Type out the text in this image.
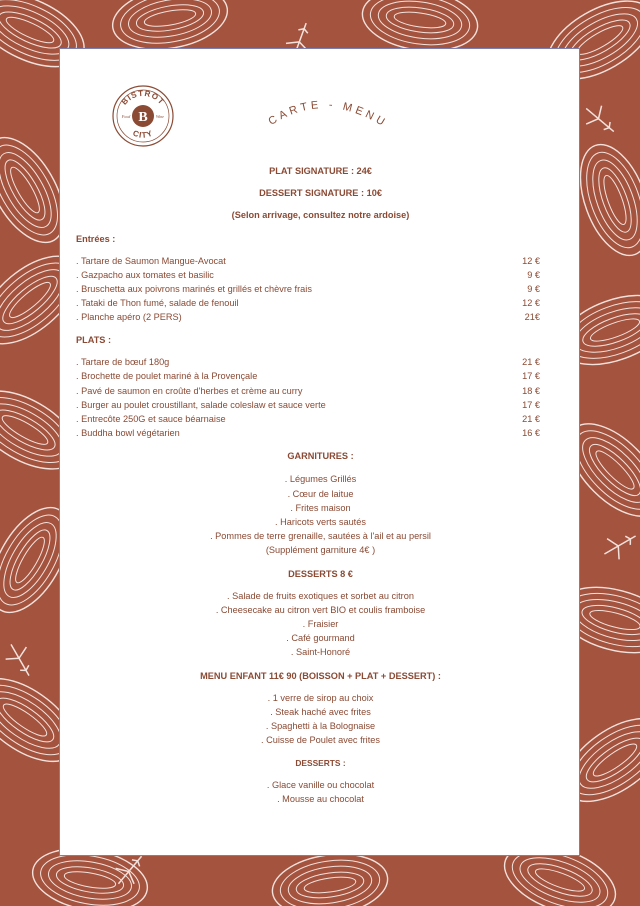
BISTROT
CITY
B
Food	Wine	CARTE - MENU
PLAT SIGNATURE : 24€
DESSERT SIGNATURE : 10€
(Selon arrivage, consultez notre ardoise)
Entrées :
. Tartare de Saumon Mangue-Avocat	12 €
. Gazpacho aux tomates et basilic	9 €
. Bruschetta aux poivrons marinés et grillés et chèvre frais	9 €
. Tataki de Thon fumé, salade de fenouil	12 €
. Planche apéro (2 PERS)	21€
PLATS :
. Tartare de bœuf 180g	21 €
. Brochette de poulet mariné à la Provençale	17 €
. Pavé de saumon en croûte d'herbes et crème au curry	18 €
. Burger au poulet croustillant, salade coleslaw et sauce verte	17 €
. Entrecôte 250G et sauce béarnaise	21 €
. Buddha bowl végétarien	16 €
GARNITURES :
. Légumes Grillés
. Cœur de laitue
. Frites maison
. Haricots verts sautés
. Pommes de terre grenaille, sautées à l'ail et au persil
(Supplément garniture 4€ )
DESSERTS 8 €
. Salade de fruits exotiques et sorbet au citron
. Cheesecake au citron vert BIO et coulis framboise
. Fraisier
. Café gourmand
. Saint-Honoré
MENU ENFANT 11€ 90 (BOISSON + PLAT + DESSERT) :
. 1 verre de sirop au choix
. Steak haché avec frites
. Spaghetti à la Bolognaise
. Cuisse de Poulet avec frites
DESSERTS :
. Glace vanille ou chocolat
. Mousse au chocolat
